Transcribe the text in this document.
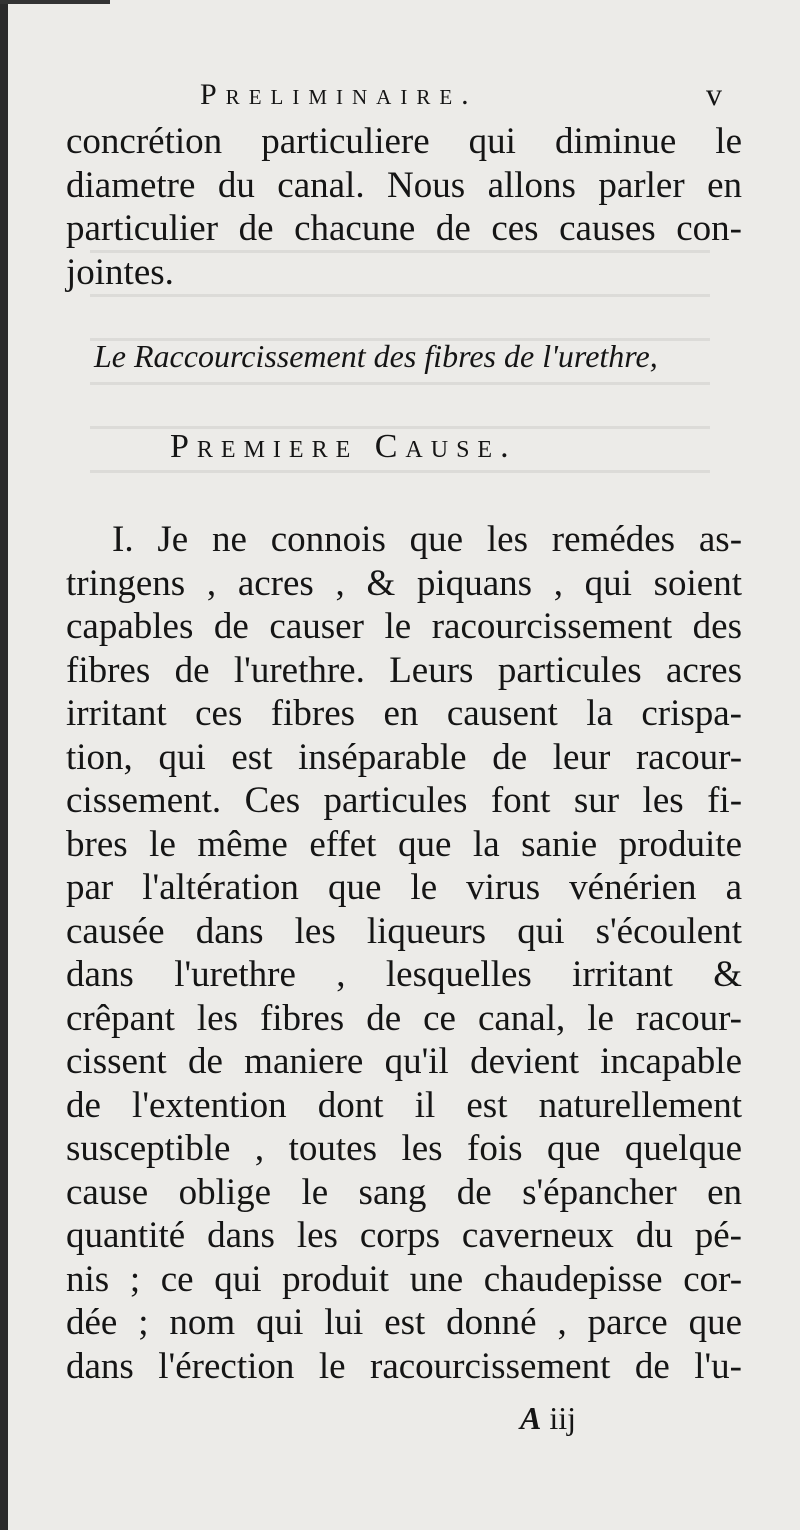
Preliminaire.	v
concrétion particuliere qui diminue le
diametre du canal. Nous allons parler en
particulier de chacune de ces causes con-
jointes.
Le Raccourcissement des fibres de l'urethre,
Premiere Cause.
I. Je ne connois que les remédes as-
tringens , acres , & piquans , qui soient
capables de causer le racourcissement des
fibres de l'urethre. Leurs particules acres
irritant ces fibres en causent la crispa-
tion, qui est inséparable de leur racour-
cissement. Ces particules font sur les fi-
bres le même effet que la sanie produite
par l'altération que le virus vénérien a
causée dans les liqueurs qui s'écoulent
dans l'urethre , lesquelles irritant &
crêpant les fibres de ce canal, le racour-
cissent de maniere qu'il devient incapable
de l'extention dont il est naturellement
susceptible , toutes les fois que quelque
cause oblige le sang de s'épancher en
quantité dans les corps caverneux du pé-
nis ; ce qui produit une chaudepisse cor-
dée ; nom qui lui est donné , parce que
dans l'érection le racourcissement de l'u-
A iij
